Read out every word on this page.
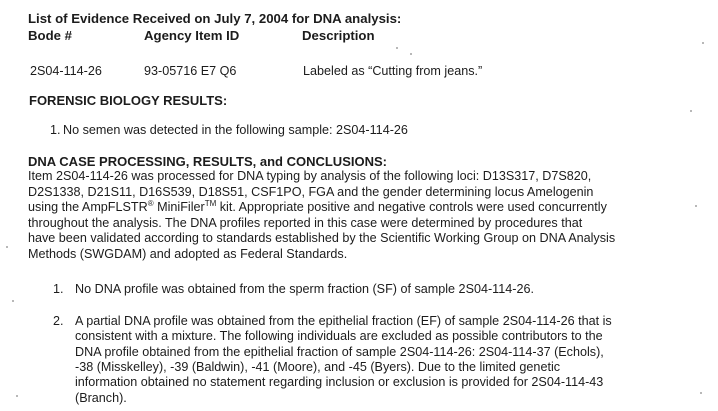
List of Evidence Received on July 7, 2004 for DNA analysis:
Bode #	Agency Item ID	Description
2S04-114-26	93-05716 E7 Q6	Labeled as “Cutting from jeans.”
FORENSIC BIOLOGY RESULTS:
1. No semen was detected in the following sample: 2S04-114-26
DNA CASE PROCESSING, RESULTS, and CONCLUSIONS:
Item 2S04-114-26 was processed for DNA typing by analysis of the following loci: D13S317, D7S820,
D2S1338, D21S11, D16S539, D18S51, CSF1PO, FGA and the gender determining locus Amelogenin
using the AmpFLSTR® MiniFiler™ kit. Appropriate positive and negative controls were used concurrently
throughout the analysis. The DNA profiles reported in this case were determined by procedures that
have been validated according to standards established by the Scientific Working Group on DNA Analysis
Methods (SWGDAM) and adopted as Federal Standards.
1. No DNA profile was obtained from the sperm fraction (SF) of sample 2S04-114-26.
2. A partial DNA profile was obtained from the epithelial fraction (EF) of sample 2S04-114-26 that is
consistent with a mixture. The following individuals are excluded as possible contributors to the
DNA profile obtained from the epithelial fraction of sample 2S04-114-26: 2S04-114-37 (Echols),
-38 (Misskelley), -39 (Baldwin), -41 (Moore), and -45 (Byers). Due to the limited genetic
information obtained no statement regarding inclusion or exclusion is provided for 2S04-114-43
(Branch).
